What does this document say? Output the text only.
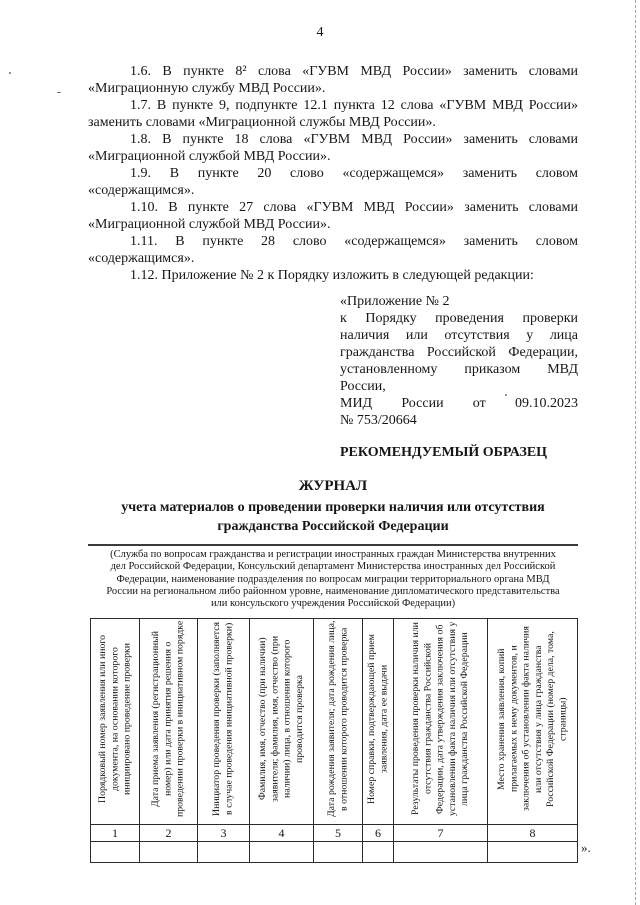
4

1.6. В пункте 8² слова «ГУВМ МВД России» заменить словами «Миграционную службу МВД России».

1.7. В пункте 9, подпункте 12.1 пункта 12 слова «ГУВМ МВД России» заменить словами «Миграционной службы МВД России».

1.8. В пункте 18 слова «ГУВМ МВД России» заменить словами «Миграционной службой МВД России».

1.9. В пункте 20 слово «содержащемся» заменить словом «содержащимся».

1.10. В пункте 27 слова «ГУВМ МВД России» заменить словами «Миграционной службой МВД России».

1.11. В пункте 28 слово «содержащемся» заменить словом «содержащимся».

1.12. Приложение № 2 к Порядку изложить в следующей редакции:

«Приложение № 2
к Порядку проведения проверки
наличия или отсутствия у лица
гражданства Российской Федерации,
установленному приказом МВД России,
МИД России от 09.10.2023
№ 753/20664
РЕКОМЕНДУЕМЫЙ ОБРАЗЕЦ
ЖУРНАЛ
учета материалов о проведении проверки наличия или отсутствия гражданства Российской Федерации
(Служба по вопросам гражданства и регистрации иностранных граждан Министерства внутренних дел Российской Федерации, Консульский департамент Министерства иностранных дел Российской Федерации, наименование подразделения по вопросам миграции территориального органа МВД России на региональном либо районном уровне, наименование дипломатического представительства или консульского учреждения Российской Федерации)
Порядковый номер заявления или иного документа, на основании которого инициировано проведение проверки	Дата приема заявления (регистрационный номер) или дата принятия решения о проведении проверки в инициативном порядке	Инициатор проведения проверки (заполняется в случае проведения инициативной проверки)	Фамилия, имя, отчество (при наличии) заявителя; фамилия, имя, отчество (при наличии) лица, в отношении которого проводится проверка	Дата рождения заявителя; дата рождения лица, в отношении которого проводится проверка	Номер справки, подтверждающей прием заявления, дата ее выдачи	Результаты проведения проверки наличия или отсутствия гражданства Российской Федерации, дата утверждения заключения об установлении факта наличия или отсутствия у лица гражданства Российской Федерации	Место хранения заявления, копий прилагаемых к нему документов, и заключения об установлении факта наличия или отсутствия у лица гражданства Российской Федерации (номер дела, тома, страницы)
1	2	3	4	5	6	7	8

».
